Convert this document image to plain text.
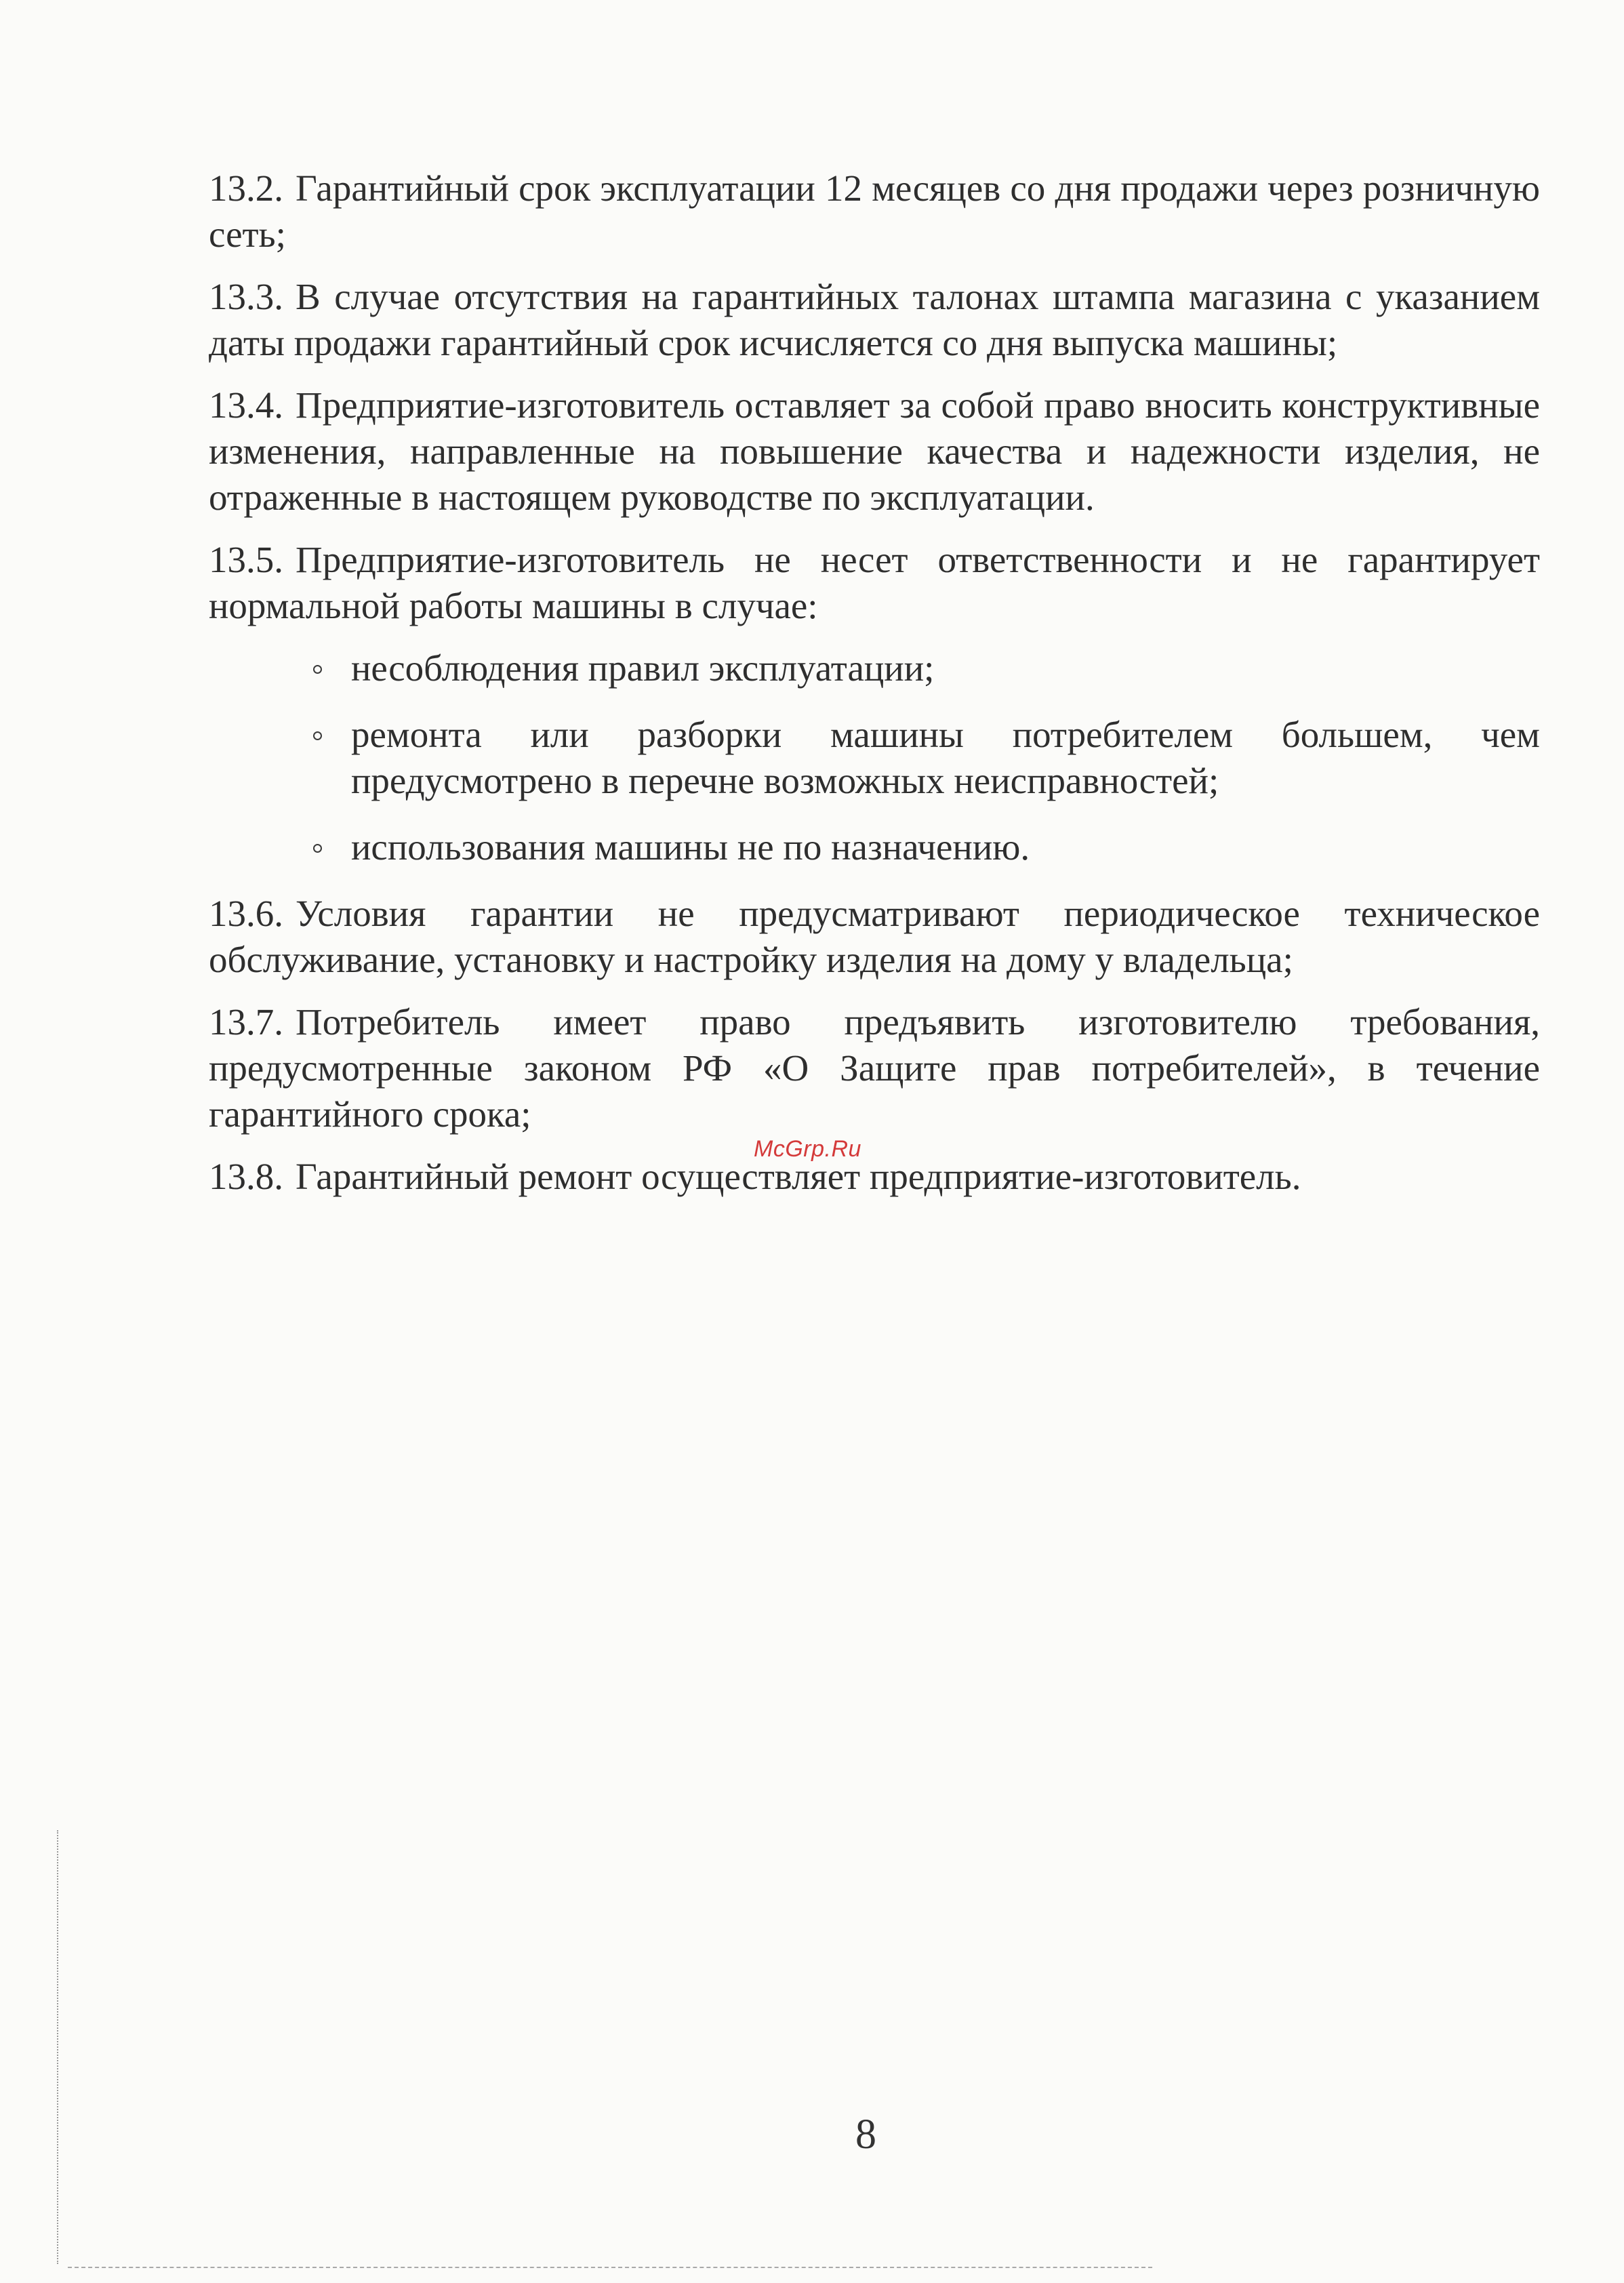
13.2. Гарантийный срок эксплуатации 12 месяцев со дня продажи через розничную сеть;

13.3. В случае отсутствия на гарантийных талонах штампа магазина с указанием даты продажи гарантийный срок исчисляется со дня выпуска машины;

13.4. Предприятие-изготовитель оставляет за собой право вносить конструктивные изменения, направленные на повышение качества и надежности изделия, не отраженные в настоящем руководстве по эксплуатации.

13.5. Предприятие-изготовитель не несет ответственности и не гарантирует нормальной работы машины в случае:

несоблюдения правил эксплуатации;
ремонта или разборки машины потребителем большем, чем предусмотрено в перечне возможных неисправностей;
использования машины не по назначению.

13.6. Условия гарантии не предусматривают периодическое техническое обслуживание, установку и настройку изделия на дому у владельца;

13.7. Потребитель имеет право предъявить изготовителю требования, предусмотренные законом РФ «О Защите прав потребителей», в течение гарантийного срока;

13.8. Гарантийный ремонт осуществляет предприятие-изготовитель.

McGrp.Ru
8
